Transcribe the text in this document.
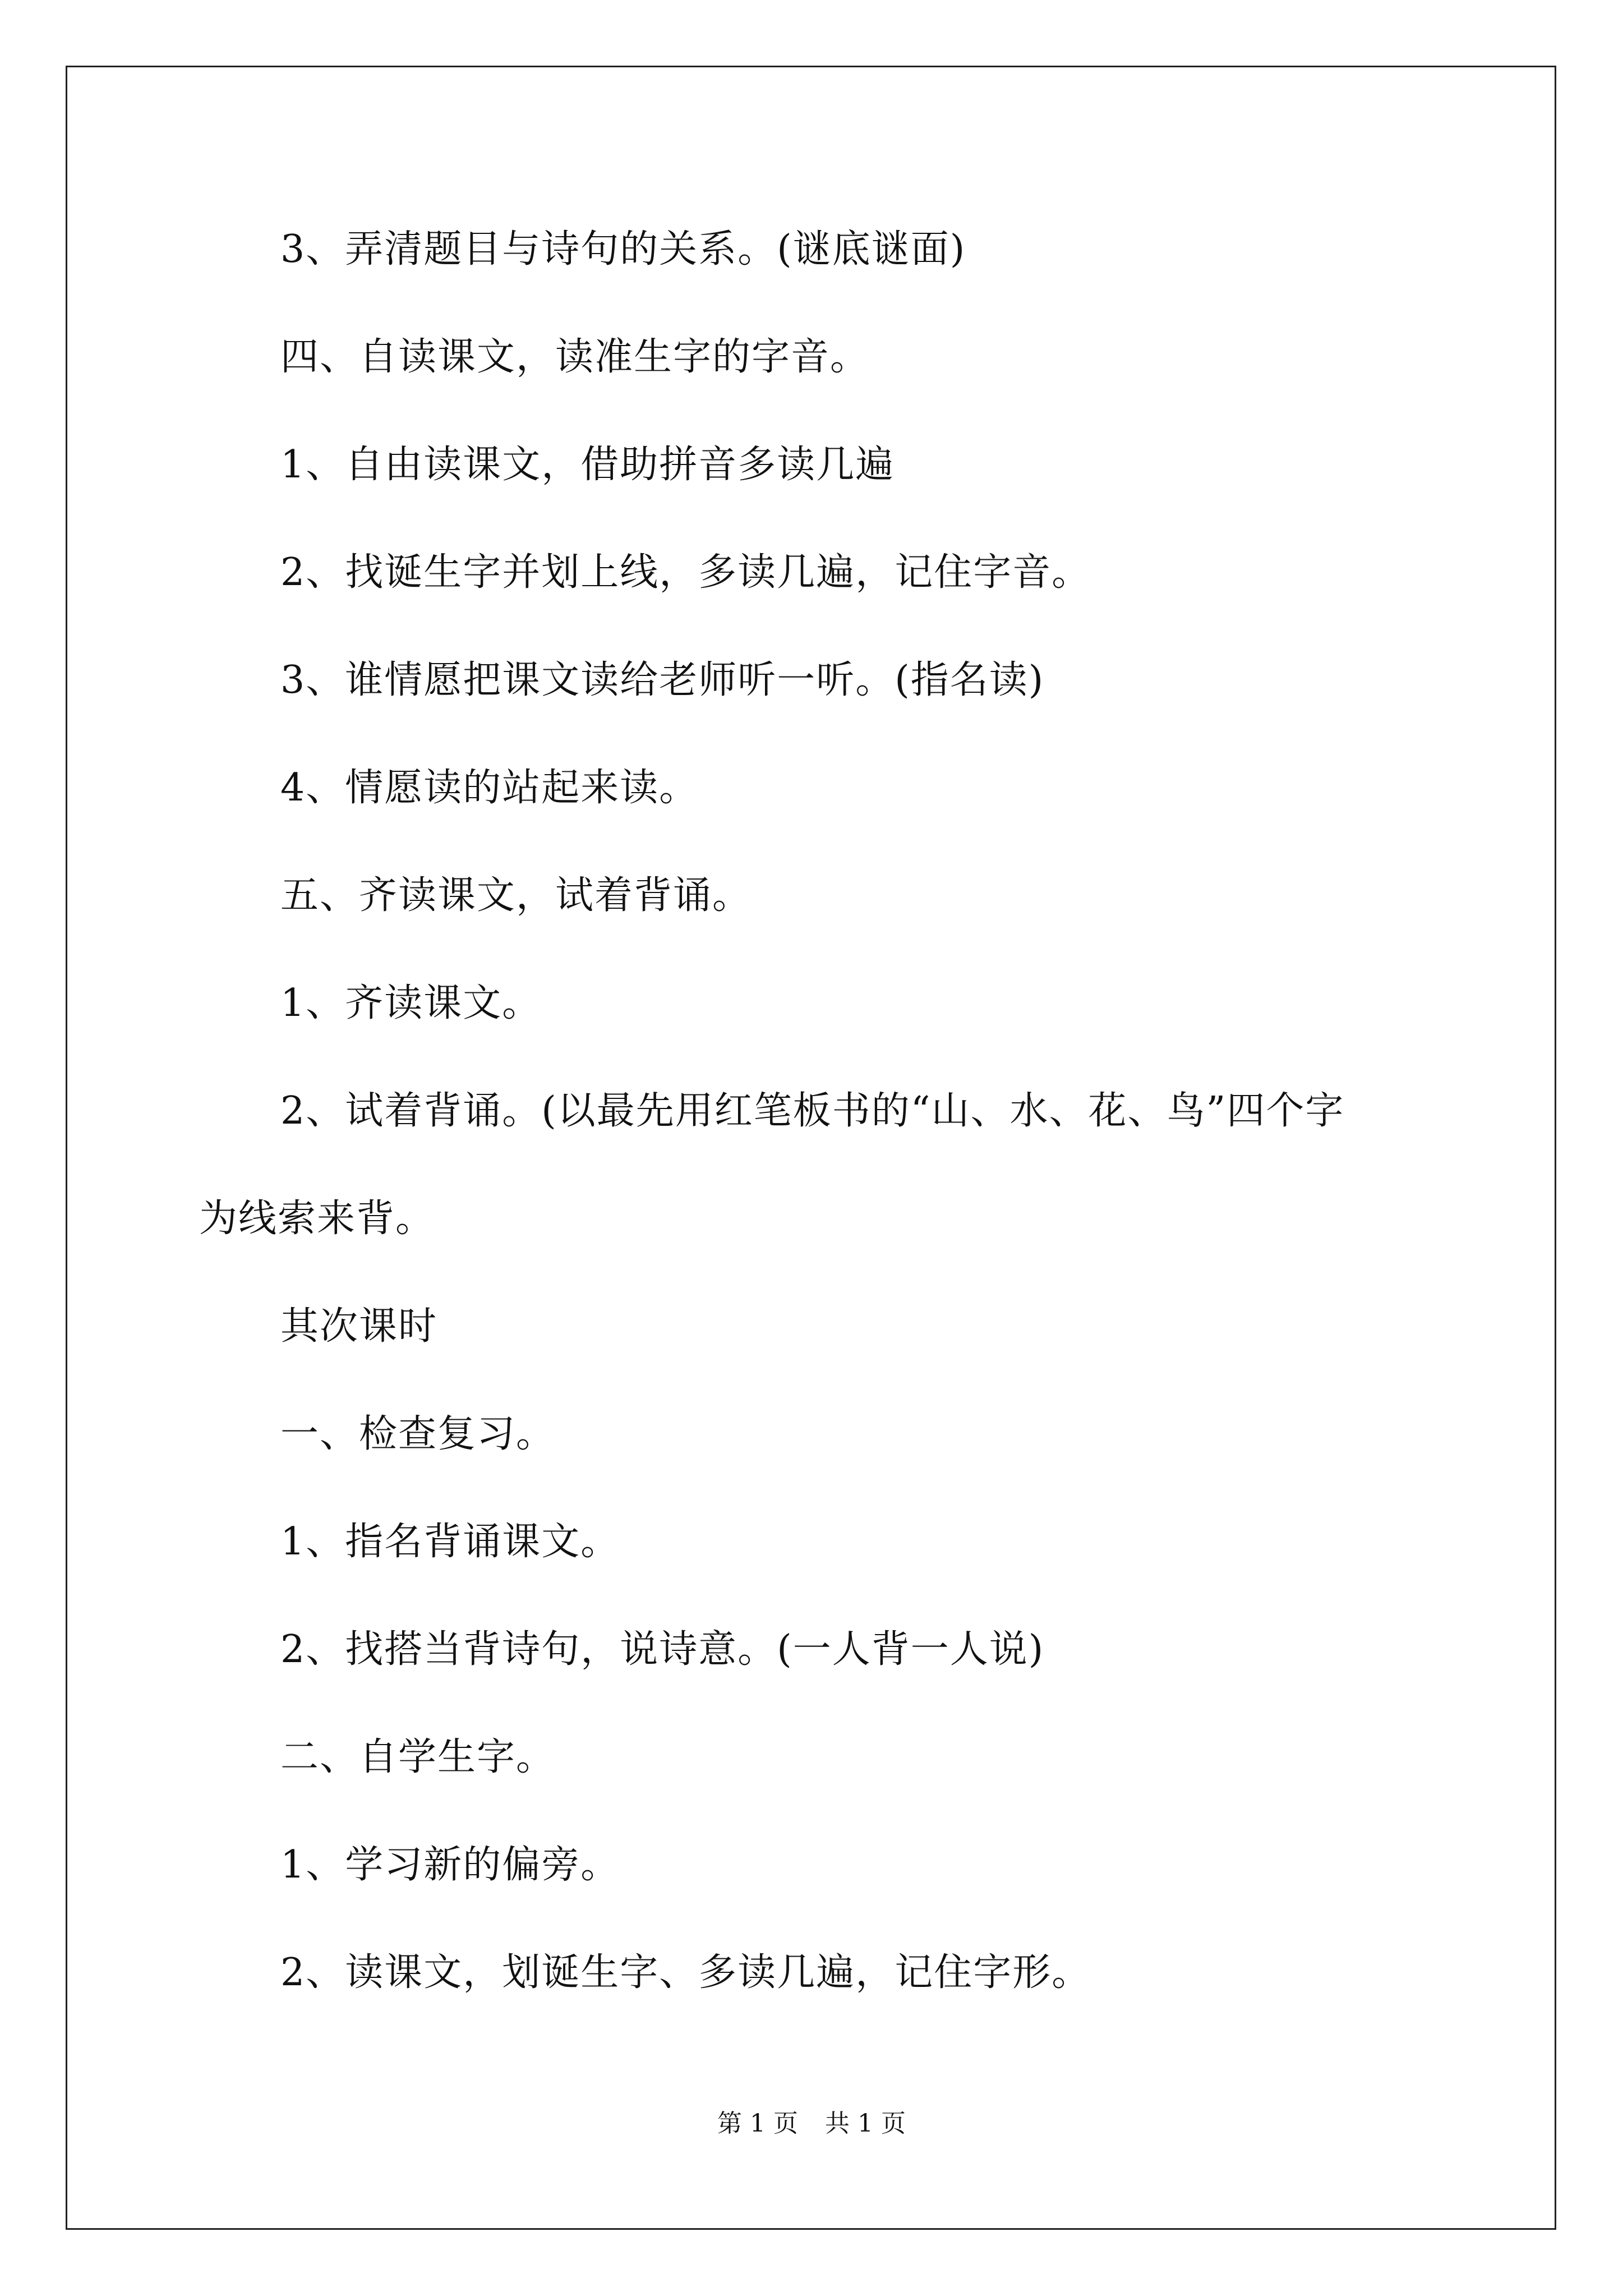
3、弄清题目与诗句的关系。(谜底谜面)
四、自读课文，读准生字的字音。
1、自由读课文，借助拼音多读几遍
2、找诞生字并划上线，多读几遍，记住字音。
3、谁情愿把课文读给老师听一听。(指名读)
4、情愿读的站起来读。
五、齐读课文，试着背诵。
1、齐读课文。
2、试着背诵。(以最先用红笔板书的“山、水、花、鸟”四个字
为线索来背。
其次课时
一、检查复习。
1、指名背诵课文。
2、找搭当背诗句，说诗意。(一人背一人说)
二、自学生字。
1、学习新的偏旁。
2、读课文，划诞生字、多读几遍，记住字形。
第 1 页 共 1 页
